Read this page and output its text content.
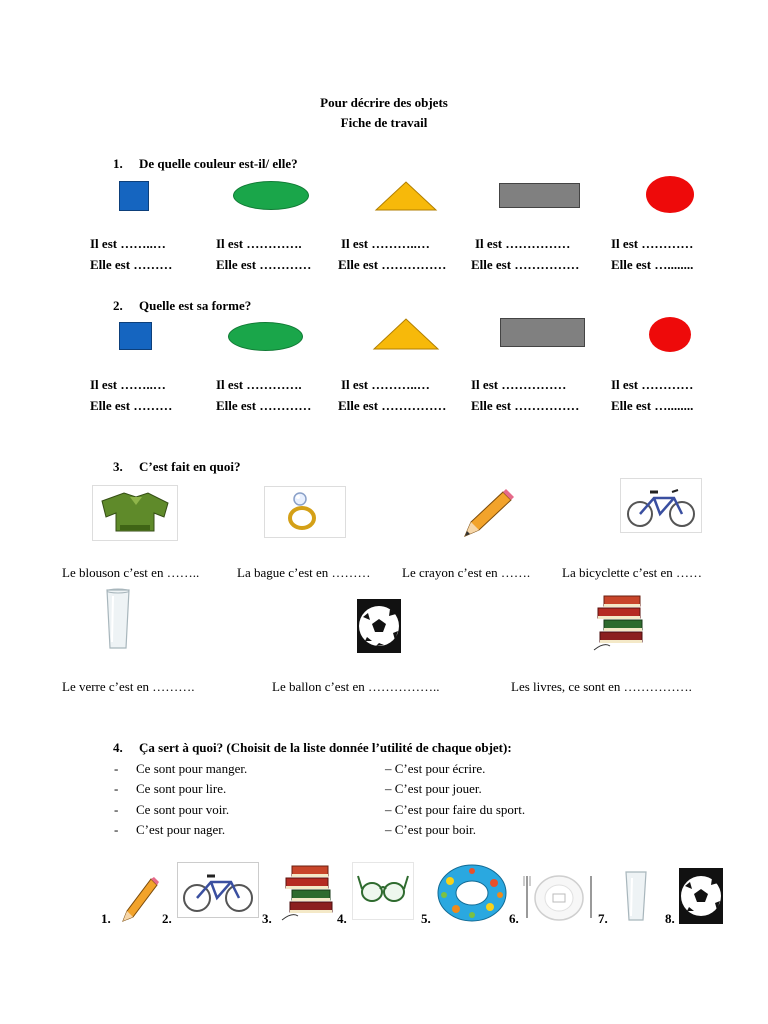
Pour décrire des objets
Fiche de travail
1. De quelle couleur est-il/ elle?
Il est ……..…	Il est ………….	Il est ………..…	Il est ……………	Il est …………
Elle est ………	Elle est ………… Elle est …………… Elle est …………… Elle est …........
2. Quelle est sa forme?
Il est ……..…	Il est ………….	Il est ………..…	Il est ……………	Il est …………
Elle est ………	Elle est ………… Elle est …………… Elle est …………… Elle est …........
3. C’est fait en quoi?
Le blouson c’est en ……..	La bague c’est en ……… Le crayon c’est en ……. La bicyclette c’est en ……
Le verre c’est en ……….	Le ballon c’est en ……………..	Les livres, ce sont en …………….
4. Ça sert à quoi? (Choisit de la liste donnée l’utilité de chaque objet):
- Ce sont pour manger.
- Ce sont pour lire.
- Ce sont pour voir.
- C’est pour nager.
– C’est pour écrire.
– C’est pour jouer.
– C’est pour faire du sport.
– C’est pour boir.
1.	2.	3.	4.	5.	6.	7.	8.
